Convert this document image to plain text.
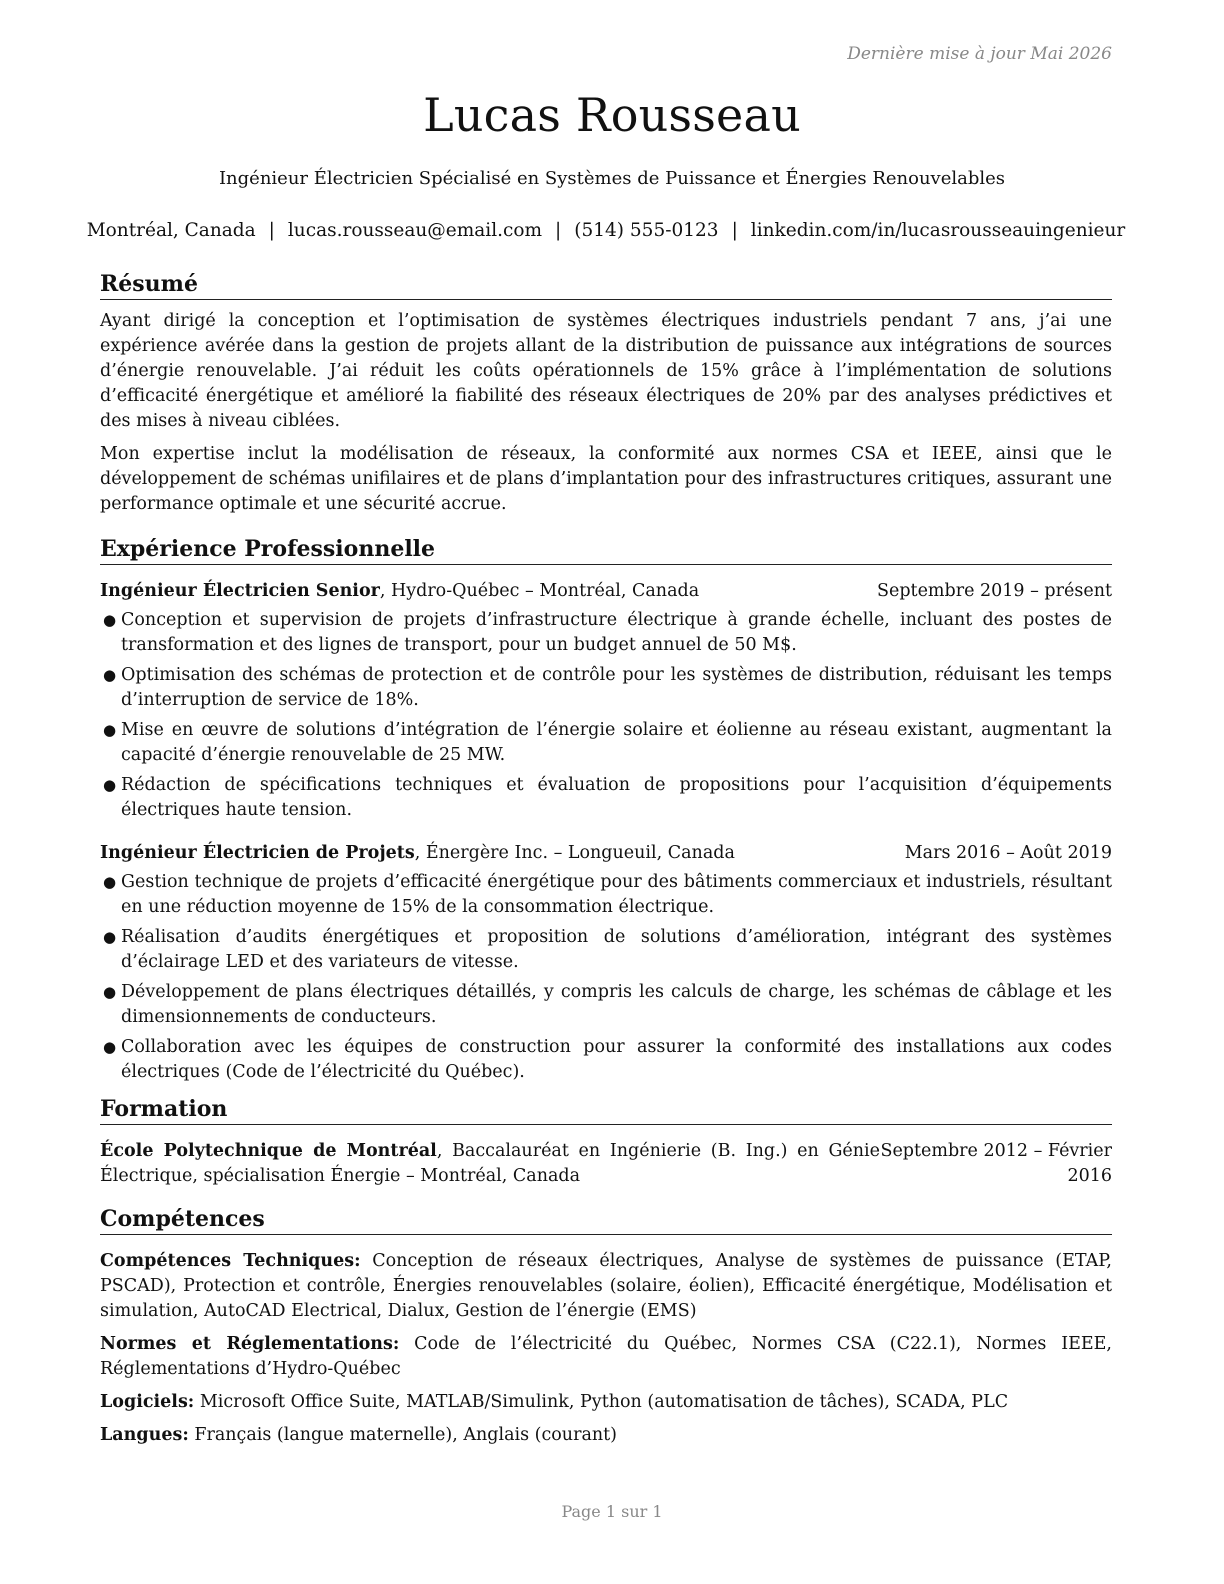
Dernière mise à jour Mai 2026
Lucas Rousseau
Ingénieur Électricien Spécialisé en Systèmes de Puissance et Énergies Renouvelables
Montréal, Canada | lucas.rousseau@email.com | (514) 555-0123 | linkedin.com/in/lucasrousseauingenieur
Résumé

Ayant dirigé la conception et l’optimisation de systèmes électriques industriels pendant 7 ans, j’ai une expérience avérée dans la gestion de projets allant de la distribution de puissance aux intégrations de sources d’énergie renouvelable. J’ai réduit les coûts opérationnels de 15% grâce à l’implémentation de solutions d’efficacité énergétique et amélioré la fiabilité des réseaux électriques de 20% par des analyses prédictives et des mises à niveau ciblées.

Mon expertise inclut la modélisation de réseaux, la conformité aux normes CSA et IEEE, ainsi que le développement de schémas unifilaires et de plans d’implantation pour des infrastructures critiques, assurant une performance optimale et une sécurité accrue.

Expérience Professionnelle
Ingénieur Électricien Senior, Hydro-Québec – Montréal, Canada	Septembre 2019 – présent
● Conception et supervision de projets d’infrastructure électrique à grande échelle, incluant des postes de transformation et des lignes de transport, pour un budget annuel de 50 M$.
● Optimisation des schémas de protection et de contrôle pour les systèmes de distribution, réduisant les temps d’interruption de service de 18%.
● Mise en œuvre de solutions d’intégration de l’énergie solaire et éolienne au réseau existant, augmentant la capacité d’énergie renouvelable de 25 MW.
● Rédaction de spécifications techniques et évaluation de propositions pour l’acquisition d’équipements électriques haute tension.
Ingénieur Électricien de Projets, Énergère Inc. – Longueuil, Canada	Mars 2016 – Août 2019
● Gestion technique de projets d’efficacité énergétique pour des bâtiments commerciaux et industriels, résultant en une réduction moyenne de 15% de la consommation électrique.
● Réalisation d’audits énergétiques et proposition de solutions d’amélioration, intégrant des systèmes d’éclairage LED et des variateurs de vitesse.
● Développement de plans électriques détaillés, y compris les calculs de charge, les schémas de câblage et les dimensionnements de conducteurs.
● Collaboration avec les équipes de construction pour assurer la conformité des installations aux codes électriques (Code de l’électricité du Québec).
Formation
École Polytechnique de Montréal, Baccalauréat en Ingénierie (B. Ing.) en Génie Électrique, spécialisation Énergie – Montréal, Canada
Septembre 2012 – Février 2016
Compétences
Compétences Techniques: Conception de réseaux électriques, Analyse de systèmes de puissance (ETAP, PSCAD), Protection et contrôle, Énergies renouvelables (solaire, éolien), Efficacité énergétique, Modélisation et simulation, AutoCAD Electrical, Dialux, Gestion de l’énergie (EMS)
Normes et Réglementations: Code de l’électricité du Québec, Normes CSA (C22.1), Normes IEEE, Réglementations d’Hydro-Québec
Logiciels: Microsoft Office Suite, MATLAB/Simulink, Python (automatisation de tâches), SCADA, PLC
Langues: Français (langue maternelle), Anglais (courant)
Page 1 sur 1
